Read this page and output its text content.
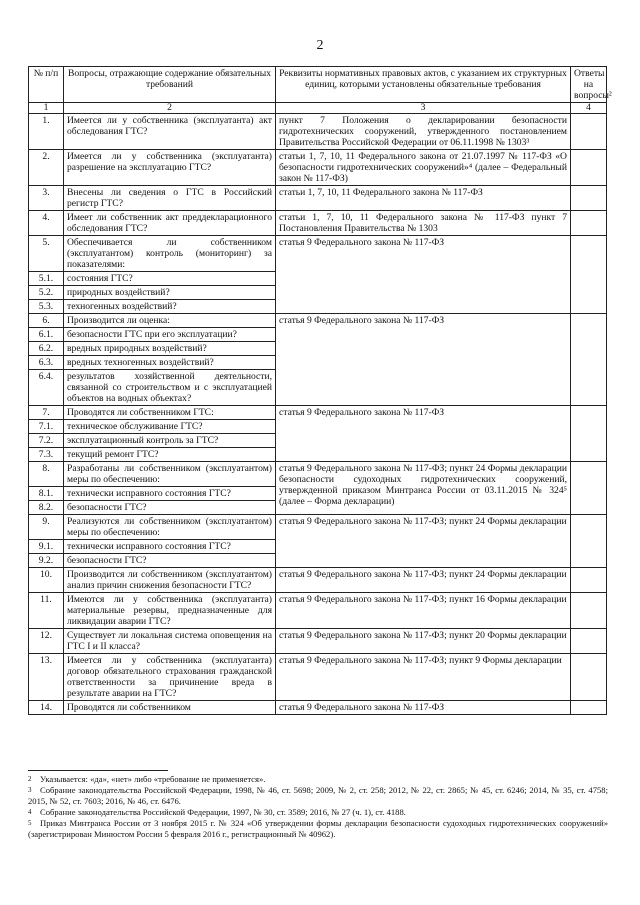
2
№ п/п	Вопросы, отражающие содержание обязательных требований	Реквизиты нормативных правовых актов, с указанием их структурных единиц, которыми установлены обязательные требования	Ответы на вопросы²
1	2	3	4
1.	Имеется ли у собственника (эксплуатанта) акт обследования ГТС?	пункт 7 Положения о декларировании безопасности гидротехнических сооружений, утвержденного постановлением Правительства Российской Федерации от 06.11.1998 № 1303³	
2.	Имеется ли у собственника (эксплуатанта) разрешение на эксплуатацию ГТС?	статьи 1, 7, 10, 11 Федерального закона от 21.07.1997 № 117-ФЗ «О безопасности гидротехнических сооружений»⁴ (далее – Федеральный закон № 117-ФЗ)	
3.	Внесены ли сведения о ГТС в Российский регистр ГТС?	статьи 1, 7, 10, 11 Федерального закона № 117-ФЗ	
4.	Имеет ли собственник акт преддекларационного обследования ГТС?	статьи 1, 7, 10, 11 Федерального закона № 117-ФЗ пункт 7 Постановления Правительства № 1303	
5.	Обеспечивается ли собственником (эксплуатантом) контроль (мониторинг) за показателями:	статья 9 Федерального закона № 117-ФЗ	
5.1.	состояния ГТС?		
5.2.	природных воздействий?		
5.3.	техногенных воздействий?		
6.	Производится ли оценка:	статья 9 Федерального закона № 117-ФЗ	
6.1.	безопасности ГТС при его эксплуатации?		
6.2.	вредных природных воздействий?		
6.3.	вредных техногенных воздействий?		
6.4.	результатов хозяйственной деятельности, связанной со строительством и с эксплуатацией объектов на водных объектах?		
7.	Проводятся ли собственником ГТС:	статья 9 Федерального закона № 117-ФЗ	
7.1.	техническое обслуживание ГТС?		
7.2.	эксплуатационный контроль за ГТС?		
7.3.	текущий ремонт ГТС?		
8.	Разработаны ли собственником (эксплуатантом) меры по обеспечению:	статья 9 Федерального закона № 117-ФЗ; пункт 24 Формы декларации безопасности судоходных гидротехнических сооружений, утвержденной приказом Минтранса России от 03.11.2015 № 324⁵ (далее – Форма декларации)	
8.1.	технически исправного состояния ГТС?		
8.2.	безопасности ГТС?		
9.	Реализуются ли собственником (эксплуатантом) меры по обеспечению:	статья 9 Федерального закона № 117-ФЗ; пункт 24 Формы декларации	
9.1.	технически исправного состояния ГТС?		
9.2.	безопасности ГТС?		
10.	Производится ли собственником (эксплуатантом) анализ причин снижения безопасности ГТС?	статья 9 Федерального закона № 117-ФЗ; пункт 24 Формы декларации	
11.	Имеются ли у собственника (эксплуатанта) материальные резервы, предназначенные для ликвидации аварии ГТС?	статья 9 Федерального закона № 117-ФЗ; пункт 16 Формы декларации	
12.	Существует ли локальная система оповещения на ГТС I и II класса?	статья 9 Федерального закона № 117-ФЗ; пункт 20 Формы декларации	
13.	Имеется ли у собственника (эксплуатанта) договор обязательного страхования гражданской ответственности за причинение вреда в результате аварии на ГТС?	статья 9 Федерального закона № 117-ФЗ; пункт 9 Формы декларации	
14.	Проводятся ли собственником	статья 9 Федерального закона № 117-ФЗ	

2 Указывается: «да», «нет» либо «требование не применяется».

3 Собрание законодательства Российской Федерации, 1998, № 46, ст. 5698; 2009, № 2, ст. 258; 2012, № 22, ст. 2865; № 45, ст. 6246; 2014, № 35, ст. 4758; 2015, № 52, ст. 7603; 2016, № 46, ст. 6476.

4 Собрание законодательства Российской Федерации, 1997, № 30, ст. 3589; 2016, № 27 (ч. 1), ст. 4188.

5 Приказ Минтранса России от 3 ноября 2015 г. № 324 «Об утверждении формы декларации безопасности судоходных гидротехнических сооружений» (зарегистрирован Минюстом России 5 февраля 2016 г., регистрационный № 40962).
